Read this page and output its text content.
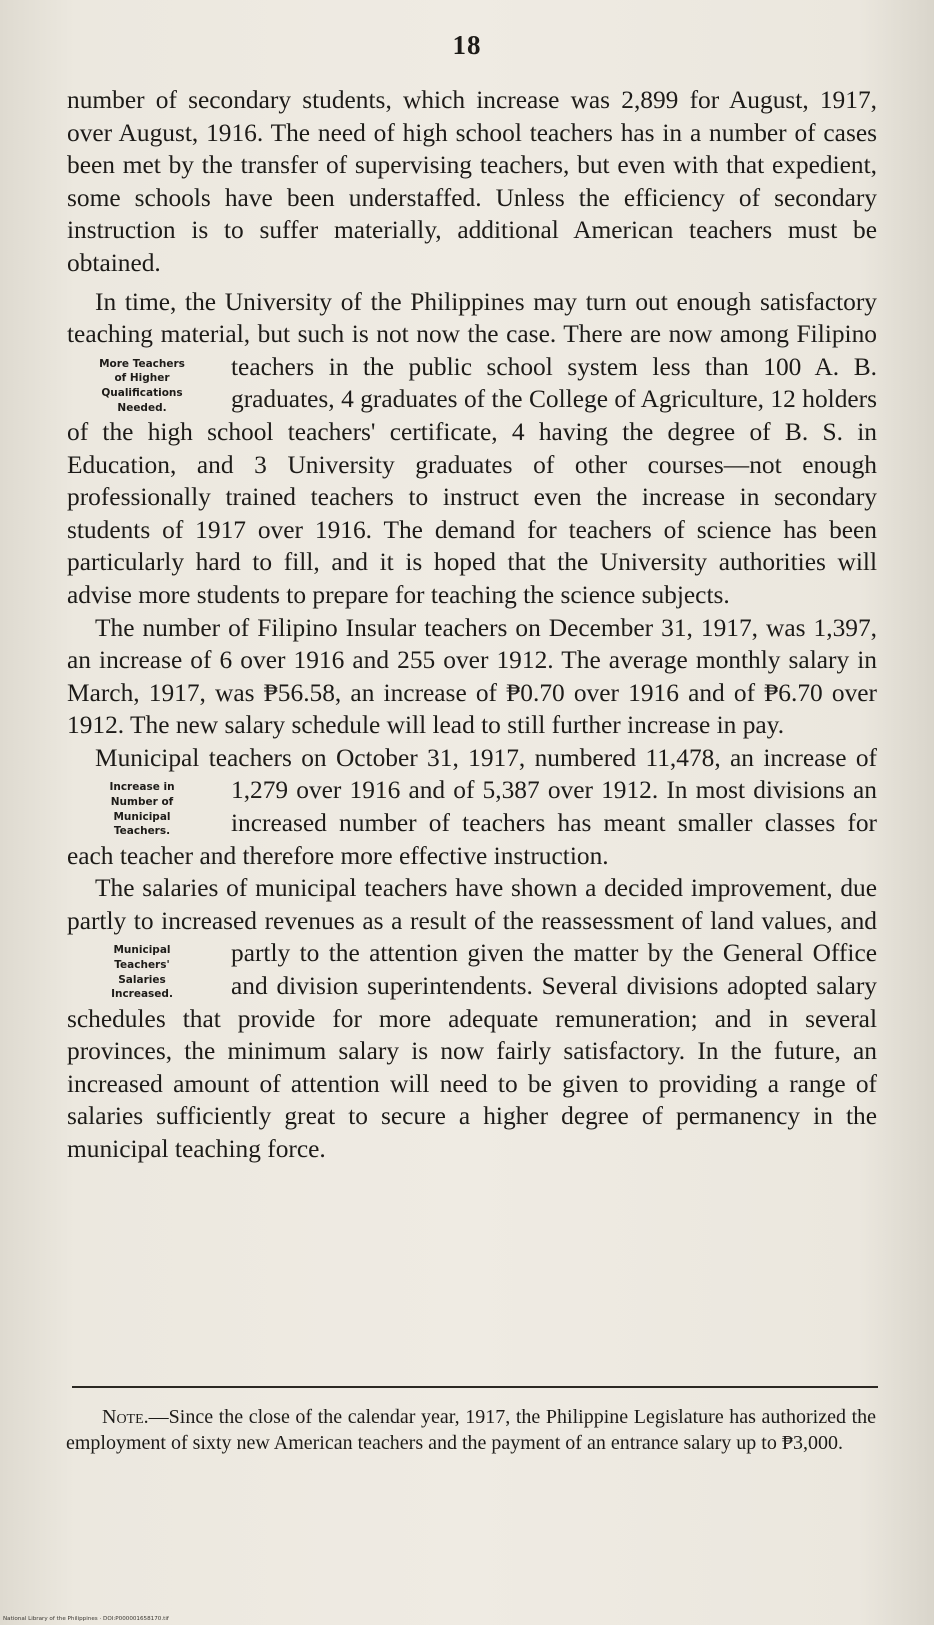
18

number of secondary students, which increase was 2,899 for August, 1917, over August, 1916. The need of high school teachers has in a number of cases been met by the transfer of supervising teachers, but even with that expedient, some schools have been understaffed. Unless the efficiency of secondary instruction is to suffer materially, additional American teachers must be obtained.

In time, the University of the Philippines may turn out enough satisfactory teaching material, but such is not now the case. There are now among Filipino teachers in the public school
More Teachers
of Higher
Qualifications
Needed.
system less than 100 A. B. graduates, 4 graduates of the College of Agriculture, 12 holders of the high school teachers' certificate, 4 having the degree of B. S. in Education, and 3 University graduates of other courses—not enough professionally trained teachers to instruct even the increase in secondary students of 1917 over 1916. The demand for teachers of science has been particularly hard to fill, and it is hoped that the University authorities will advise more students to prepare for teaching the science subjects.

The number of Filipino Insular teachers on December 31, 1917, was 1,397, an increase of 6 over 1916 and 255 over 1912. The average monthly salary in March, 1917, was ₱56.58, an increase of ₱0.70 over 1916 and of ₱6.70 over 1912. The new salary schedule will lead to still further increase in pay.

Municipal teachers on October 31, 1917, numbered 11,478, an increase of 1,279 over 1916 and of 5,387 over 1912. In most
Increase in
Number of
Municipal
Teachers.
divisions an increased number of teachers has meant smaller classes for each teacher and therefore more effective instruction.

The salaries of municipal teachers have shown a decided improvement, due partly to increased revenues as a result of the reassessment of land values, and partly to the attention given
Municipal
Teachers'
Salaries
Increased.
the matter by the General Office and division superintendents. Several divisions adopted salary schedules that provide for more adequate remuneration; and in several provinces, the minimum salary is now fairly satisfactory. In the future, an increased amount of attention will need to be given to providing a range of salaries sufficiently great to secure a higher degree of permanency in the municipal teaching force.

Note.—Since the close of the calendar year, 1917, the Philippine Legislature has authorized the employment of sixty new American teachers and the payment of an entrance salary up to ₱3,000.
National Library of the Philippines · DOI:P000001658170.tif
